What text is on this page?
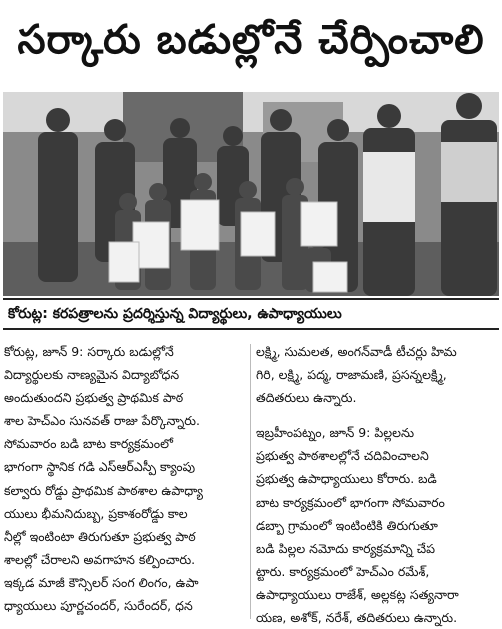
సర్కారు బడుల్లోనే చేర్పించాలి
కోరుట్ల: కరపత్రాలను ప్రదర్శిస్తున్న విద్యార్థులు, ఉపాధ్యాయులు
కోరుట్ల, జూన్ 9: సర్కారు బడుల్లోనే
విద్యార్థులకు నాణ్యమైన విద్యాబోధన
అందుతుందని ప్రభుత్వ ప్రాథమిక పాఠ
శాల హెచ్ఎం సునవత్ రాజు పేర్కొన్నారు.
సోమవారం బడి బాట కార్యక్రమంలో
భాగంగా స్థానిక గడి ఎస్ఆర్ఎస్పీ క్యాంపు
కల్వారు రోడ్డు ప్రాథమిక పాఠశాల ఉపాధ్యా
యులు భీమనిదుబ్బ, ప్రకాశంరోడ్డు కాల
నీల్లో ఇంటింటా తిరుగుతూ ప్రభుత్వ పాఠ
శాలల్లో చేరాలని అవగాహన కల్పించారు.
ఇక్కడ మాజీ కౌన్సిలర్ సంగ లింగం, ఉపా
ధ్యాయులు పూర్ణచందర్, సురేందర్, ధన
లక్ష్మి, సుమలత, అంగన్‌వాడీ టీచర్లు హిమ
గిరి, లక్ష్మి, పద్మ, రాజామణి, ప్రసన్నలక్ష్మి,
తదితరులు ఉన్నారు.
ఇబ్రహీంపట్నం, జూన్ 9: పిల్లలను
ప్రభుత్వ పాఠశాలల్లోనే చదివించాలని
ప్రభుత్వ ఉపాధ్యాయులు కోరారు. బడి
బాట కార్యక్రమంలో భాగంగా సోమవారం
డబ్బా గ్రామంలో ఇంటింటికి తిరుగుతూ
బడి పిల్లల నమోదు కార్యక్రమాన్ని చేప
ట్టారు. కార్యక్రమంలో హెచ్ఎం రమేశ్,
ఉపాధ్యాయులు రాజేశ్, అల్లకట్ల సత్యనారా
యణ, అశోక్, నరేశ్, తదితరులు ఉన్నారు.
